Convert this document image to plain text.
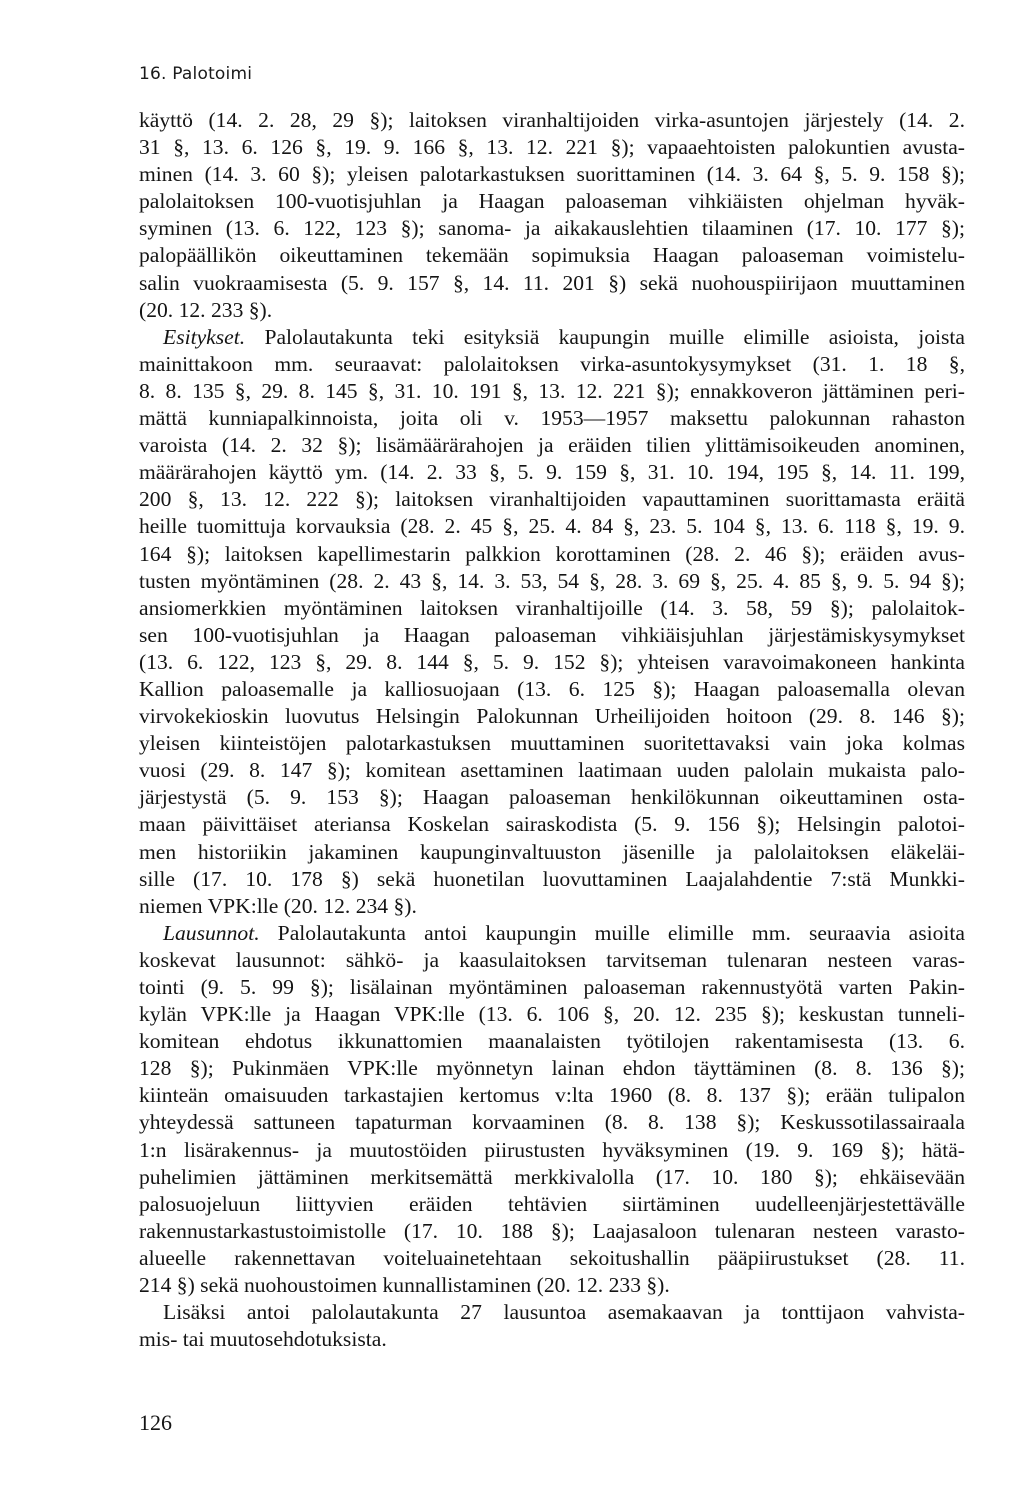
16. Palotoimi
käyttö (14. 2. 28, 29 §); laitoksen viranhaltijoiden virka-asuntojen järjestely (14. 2.
31 §, 13. 6. 126 §, 19. 9. 166 §, 13. 12. 221 §); vapaaehtoisten palokuntien avusta-
minen (14. 3. 60 §); yleisen palotarkastuksen suorittaminen (14. 3. 64 §, 5. 9. 158 §);
palolaitoksen 100-vuotisjuhlan ja Haagan paloaseman vihkiäisten ohjelman hyväk-
syminen (13. 6. 122, 123 §); sanoma- ja aikakauslehtien tilaaminen (17. 10. 177 §);
palopäällikön oikeuttaminen tekemään sopimuksia Haagan paloaseman voimistelu-
salin vuokraamisesta (5. 9. 157 §, 14. 11. 201 §) sekä nuohouspiirijaon muuttaminen
(20. 12. 233 §).
Esitykset. Palolautakunta teki esityksiä kaupungin muille elimille asioista, joista
mainittakoon mm. seuraavat: palolaitoksen virka-asuntokysymykset (31. 1. 18 §,
8. 8. 135 §, 29. 8. 145 §, 31. 10. 191 §, 13. 12. 221 §); ennakkoveron jättäminen peri-
mättä kunniapalkinnoista, joita oli v. 1953—1957 maksettu palokunnan rahaston
varoista (14. 2. 32 §); lisämäärärahojen ja eräiden tilien ylittämisoikeuden anominen,
määrärahojen käyttö ym. (14. 2. 33 §, 5. 9. 159 §, 31. 10. 194, 195 §, 14. 11. 199,
200 §, 13. 12. 222 §); laitoksen viranhaltijoiden vapauttaminen suorittamasta eräitä
heille tuomittuja korvauksia (28. 2. 45 §, 25. 4. 84 §, 23. 5. 104 §, 13. 6. 118 §, 19. 9.
164 §); laitoksen kapellimestarin palkkion korottaminen (28. 2. 46 §); eräiden avus-
tusten myöntäminen (28. 2. 43 §, 14. 3. 53, 54 §, 28. 3. 69 §, 25. 4. 85 §, 9. 5. 94 §);
ansiomerkkien myöntäminen laitoksen viranhaltijoille (14. 3. 58, 59 §); palolaitok-
sen 100-vuotisjuhlan ja Haagan paloaseman vihkiäisjuhlan järjestämiskysymykset
(13. 6. 122, 123 §, 29. 8. 144 §, 5. 9. 152 §); yhteisen varavoimakoneen hankinta
Kallion paloasemalle ja kalliosuojaan (13. 6. 125 §); Haagan paloasemalla olevan
virvokekioskin luovutus Helsingin Palokunnan Urheilijoiden hoitoon (29. 8. 146 §);
yleisen kiinteistöjen palotarkastuksen muuttaminen suoritettavaksi vain joka kolmas
vuosi (29. 8. 147 §); komitean asettaminen laatimaan uuden palolain mukaista palo-
järjestystä (5. 9. 153 §); Haagan paloaseman henkilökunnan oikeuttaminen osta-
maan päivittäiset ateriansa Koskelan sairaskodista (5. 9. 156 §); Helsingin palotoi-
men historiikin jakaminen kaupunginvaltuuston jäsenille ja palolaitoksen eläkeläi-
sille (17. 10. 178 §) sekä huonetilan luovuttaminen Laajalahdentie 7:stä Munkki-
niemen VPK:lle (20. 12. 234 §).
Lausunnot. Palolautakunta antoi kaupungin muille elimille mm. seuraavia asioita
koskevat lausunnot: sähkö- ja kaasulaitoksen tarvitseman tulenaran nesteen varas-
tointi (9. 5. 99 §); lisälainan myöntäminen paloaseman rakennustyötä varten Pakin-
kylän VPK:lle ja Haagan VPK:lle (13. 6. 106 §, 20. 12. 235 §); keskustan tunneli-
komitean ehdotus ikkunattomien maanalaisten työtilojen rakentamisesta (13. 6.
128 §); Pukinmäen VPK:lle myönnetyn lainan ehdon täyttäminen (8. 8. 136 §);
kiinteän omaisuuden tarkastajien kertomus v:lta 1960 (8. 8. 137 §); erään tulipalon
yhteydessä sattuneen tapaturman korvaaminen (8. 8. 138 §); Keskussotilassairaala
1:n lisärakennus- ja muutostöiden piirustusten hyväksyminen (19. 9. 169 §); hätä-
puhelimien jättäminen merkitsemättä merkkivalolla (17. 10. 180 §); ehkäisevään
palosuojeluun liittyvien eräiden tehtävien siirtäminen uudelleenjärjestettävälle
rakennustarkastustoimistolle (17. 10. 188 §); Laajasaloon tulenaran nesteen varasto-
alueelle rakennettavan voiteluainetehtaan sekoitushallin pääpiirustukset (28. 11.
214 §) sekä nuohoustoimen kunnallistaminen (20. 12. 233 §).
Lisäksi antoi palolautakunta 27 lausuntoa asemakaavan ja tonttijaon vahvista-
mis- tai muutosehdotuksista.
126
